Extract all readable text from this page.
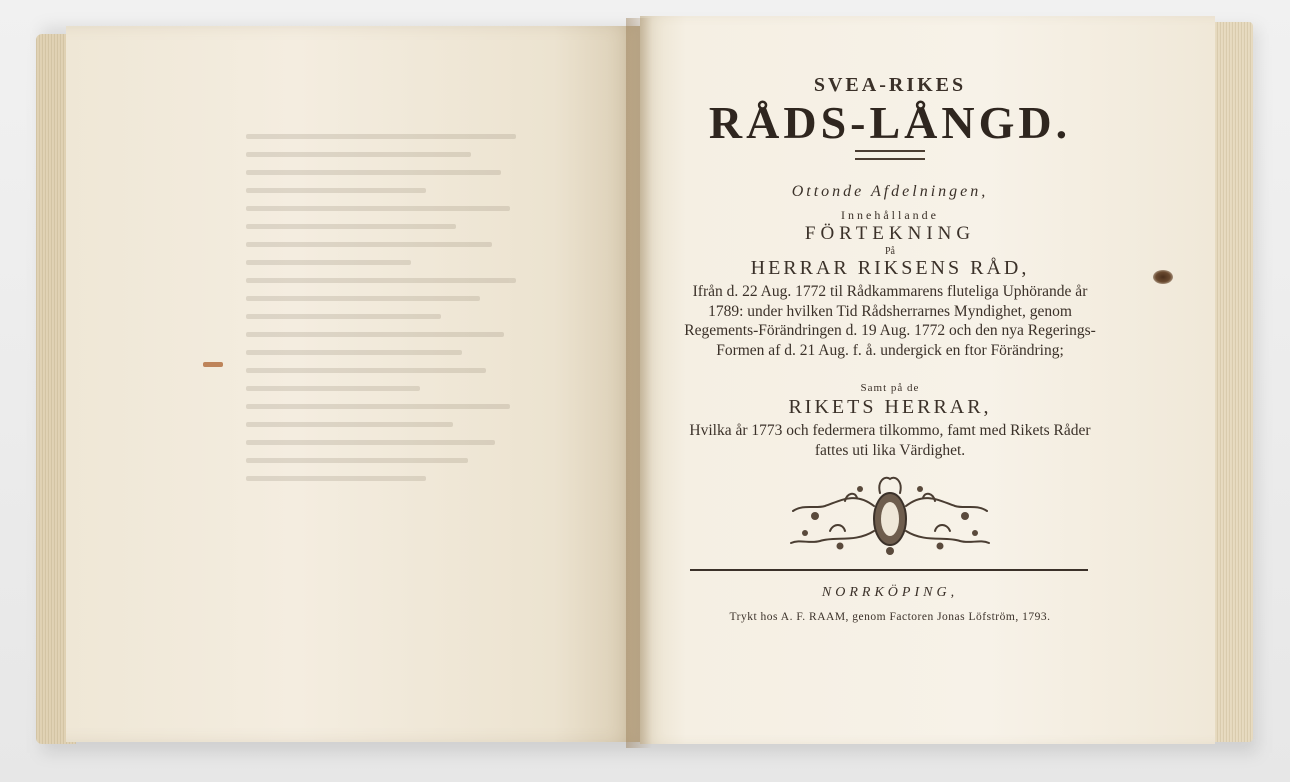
SVEA-RIKES
RÅDS-LÅNGD.
Ottonde Afdelningen,
Innehållande
FÖRTEKNING
På
HERRAR RIKSENS RÅD,
Ifrån d. 22 Aug. 1772 til Rådkammarens fluteliga Uphörande år 1789: under hvilken Tid Rådsherrarnes Myndighet, genom Regements-Förändringen d. 19 Aug. 1772 och den nya Regerings-Formen af d. 21 Aug. f. å. undergick en ftor Förändring;
Samt på de
RIKETS HERRAR,
Hvilka år 1773 och federmera tilkommo, famt med Rikets Råder fattes uti lika Värdighet.
NORRKÖPING,
Trykt hos A. F. RAAM, genom Factoren Jonas Löfström, 1793.
